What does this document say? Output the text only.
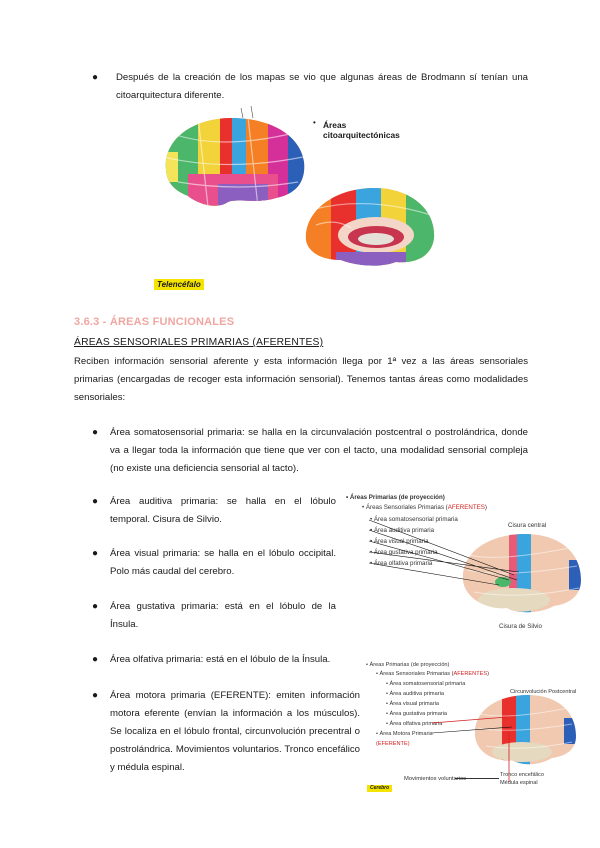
● Después de la creación de los mapas se vio que algunas áreas de Brodmann sí tenían una citoarquitectura diferente.
• Áreas
citoarquitectónicas
Telencéfalo
3.6.3 - ÁREAS FUNCIONALES
ÁREAS SENSORIALES PRIMARIAS (AFERENTES)
Reciben información sensorial aferente y esta información llega por 1ª vez a las áreas sensoriales primarias (encargadas de recoger esta información sensorial). Tenemos tantas áreas como modalidades sensoriales:
● Área somatosensorial primaria: se halla en la circunvalación postcentral o postrolándrica, donde va a llegar toda la información que tiene que ver con el tacto, una modalidad sensorial compleja (no existe una deficiencia sensorial al tacto).
● Área auditiva primaria: se halla en el lóbulo temporal. Cisura de Silvio.
● Área visual primaria: se halla en el lóbulo occipital. Polo más caudal del cerebro.
● Área gustativa primaria: está en el lóbulo de la Ínsula.
● Área olfativa primaria: está en el lóbulo de la Ínsula.
● Área motora primaria (EFERENTE): emiten información motora eferente (envían la información a los músculos). Se localiza en el lóbulo frontal, circunvolución precentral o postrolándrica. Movimientos voluntarios. Tronco encefálico y médula espinal.
• Áreas Primarias (de proyección)
• Áreas Sensoriales Primarias (AFERENTES)
• Área somatosensorial primaria
• Área auditiva primaria
• Área visual primaria
• Área gustativa primaria
• Área olfativa primaria
Cisura central
Cisura de Silvio
• Áreas Primarias (de proyección)
• Áreas Sensoriales Primarias (AFERENTES)
• Área somatosensorial primaria
• Área auditiva primaria
• Área visual primaria
• Área gustativa primaria
• Área olfativa primaria
• Área Motora Primaria
(EFERENTE)
Circunvolución Postcentral
Movimientos voluntarios
Tronco encefálico
Médula espinal
Cerebro
